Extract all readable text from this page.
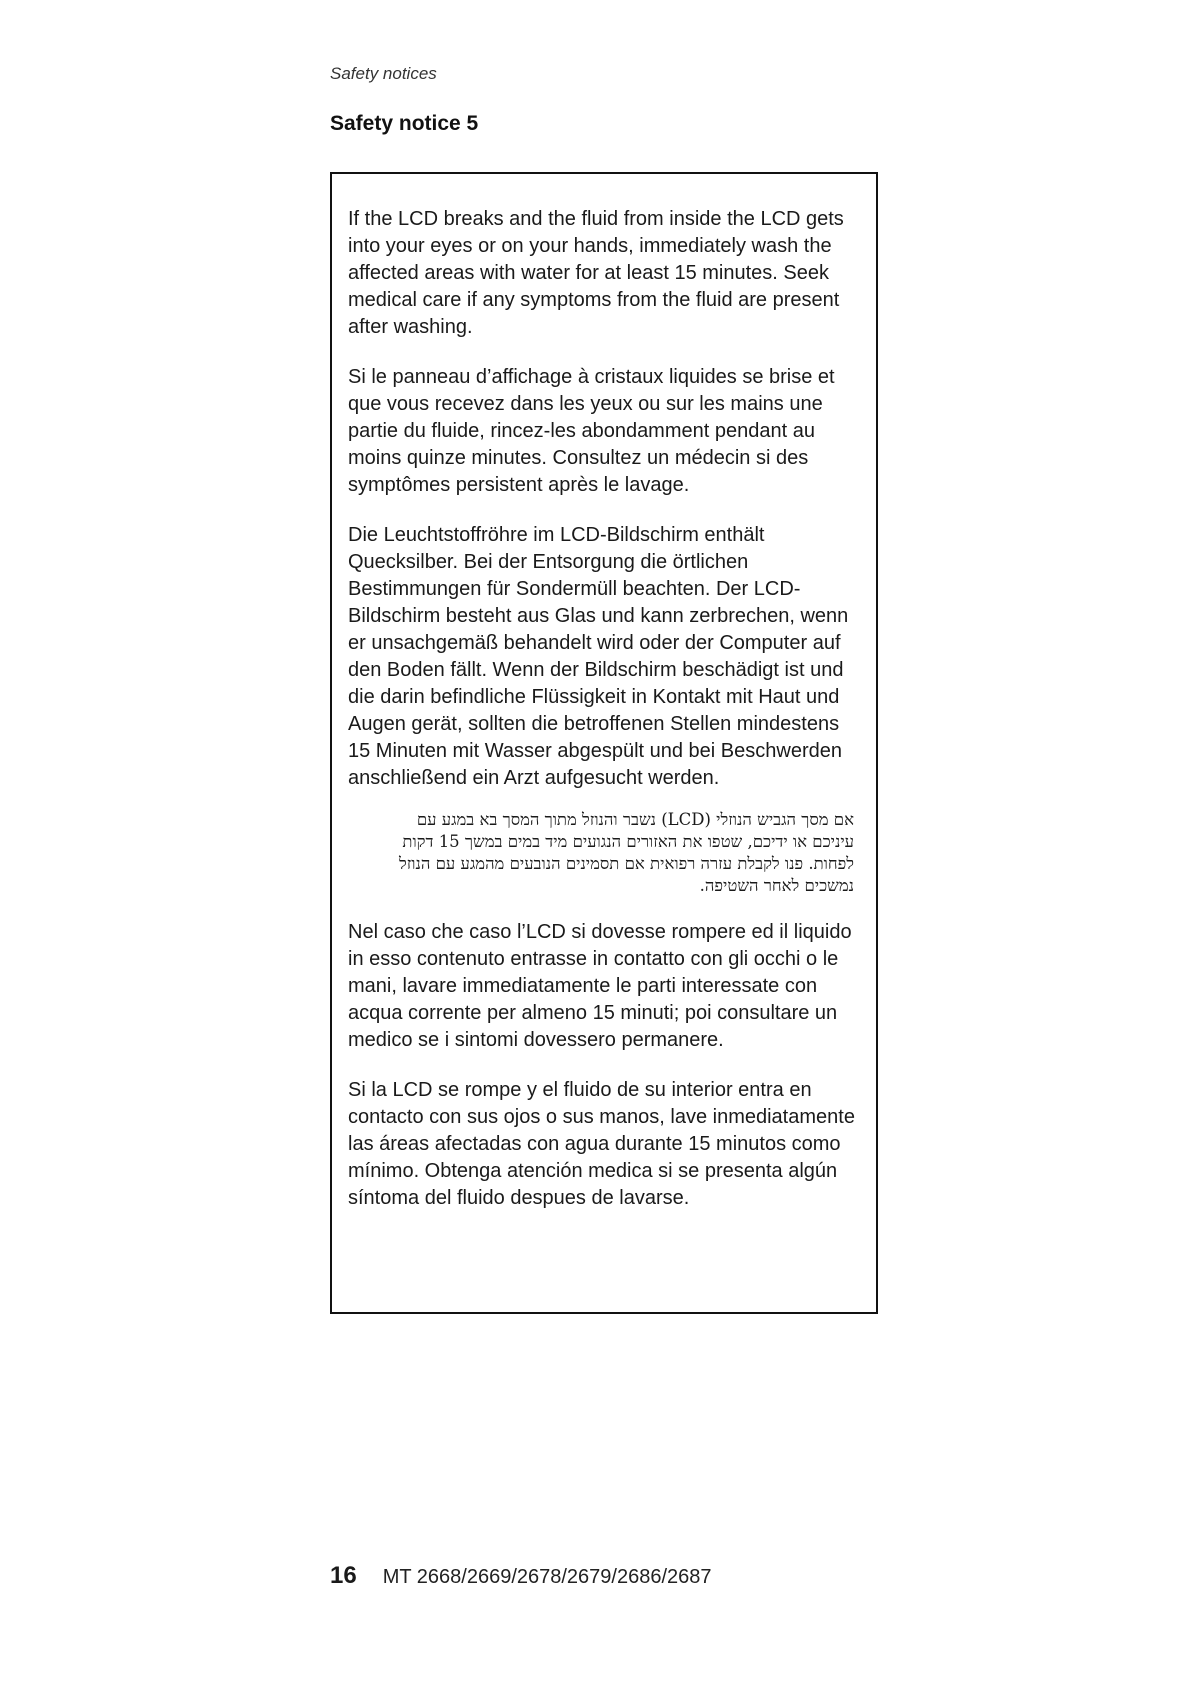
Safety notices
Safety notice 5

If the LCD breaks and the fluid from inside the LCD gets into your eyes or on your hands, immediately wash the affected areas with water for at least 15 minutes. Seek medical care if any symptoms from the fluid are present after washing.

Si le panneau d’affichage à cristaux liquides se brise et que vous recevez dans les yeux ou sur les mains une partie du fluide, rincez-les abondamment pendant au moins quinze minutes. Consultez un médecin si des symptômes persistent après le lavage.

Die Leuchtstoffröhre im LCD-Bildschirm enthält Quecksilber. Bei der Entsorgung die örtlichen Bestimmungen für Sondermüll beachten. Der LCD-Bildschirm besteht aus Glas und kann zerbrechen, wenn er unsachgemäß behandelt wird oder der Computer auf den Boden fällt. Wenn der Bildschirm beschädigt ist und die darin befindliche Flüssigkeit in Kontakt mit Haut und Augen gerät, sollten die betroffenen Stellen mindestens 15 Minuten mit Wasser abgespült und bei Beschwerden anschließend ein Arzt aufgesucht werden.

אם מסך הגביש הנוזלי (LCD) נשבר והנוזל מתוך המסך בא במגע עם עיניכם או ידיכם, שטפו את האזורים הנגועים מיד במים במשך 15 דקות לפחות. פנו לקבלת עזרה רפואית אם תסמינים הנובעים מהמגע עם הנוזל נמשכים לאחר השטיפה.

Nel caso che caso l’LCD si dovesse rompere ed il liquido in esso contenuto entrasse in contatto con gli occhi o le mani, lavare immediatamente le parti interessate con acqua corrente per almeno 15 minuti; poi consultare un medico se i sintomi dovessero permanere.

Si la LCD se rompe y el fluido de su interior entra en contacto con sus ojos o sus manos, lave inmediatamente las áreas afectadas con agua durante 15 minutos como mínimo. Obtenga atención medica si se presenta algún síntoma del fluido despues de lavarse.

16 MT 2668/2669/2678/2679/2686/2687
